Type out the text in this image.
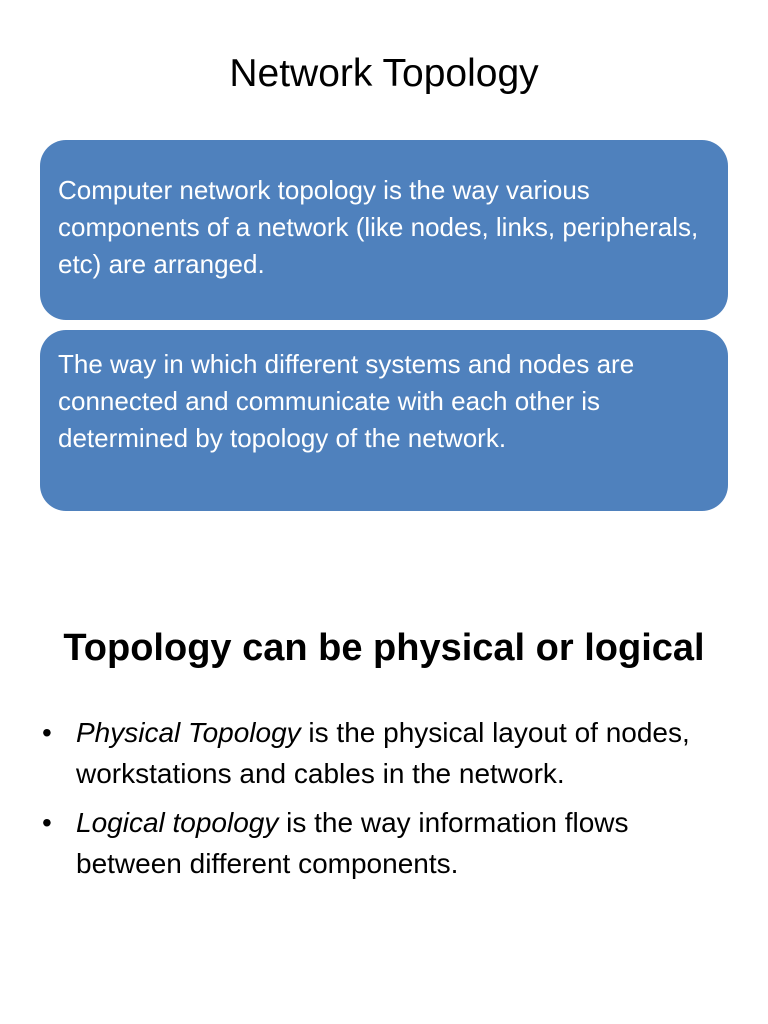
Network Topology
Computer network topology is the way various components of a network (like nodes, links, peripherals, etc) are arranged.
The way in which different systems and nodes are connected and communicate with each other is determined by topology of the network.
Topology can be physical or logical
• Physical Topology is the physical layout of nodes, workstations and cables in the network.
• Logical topology is the way information flows between different components.
